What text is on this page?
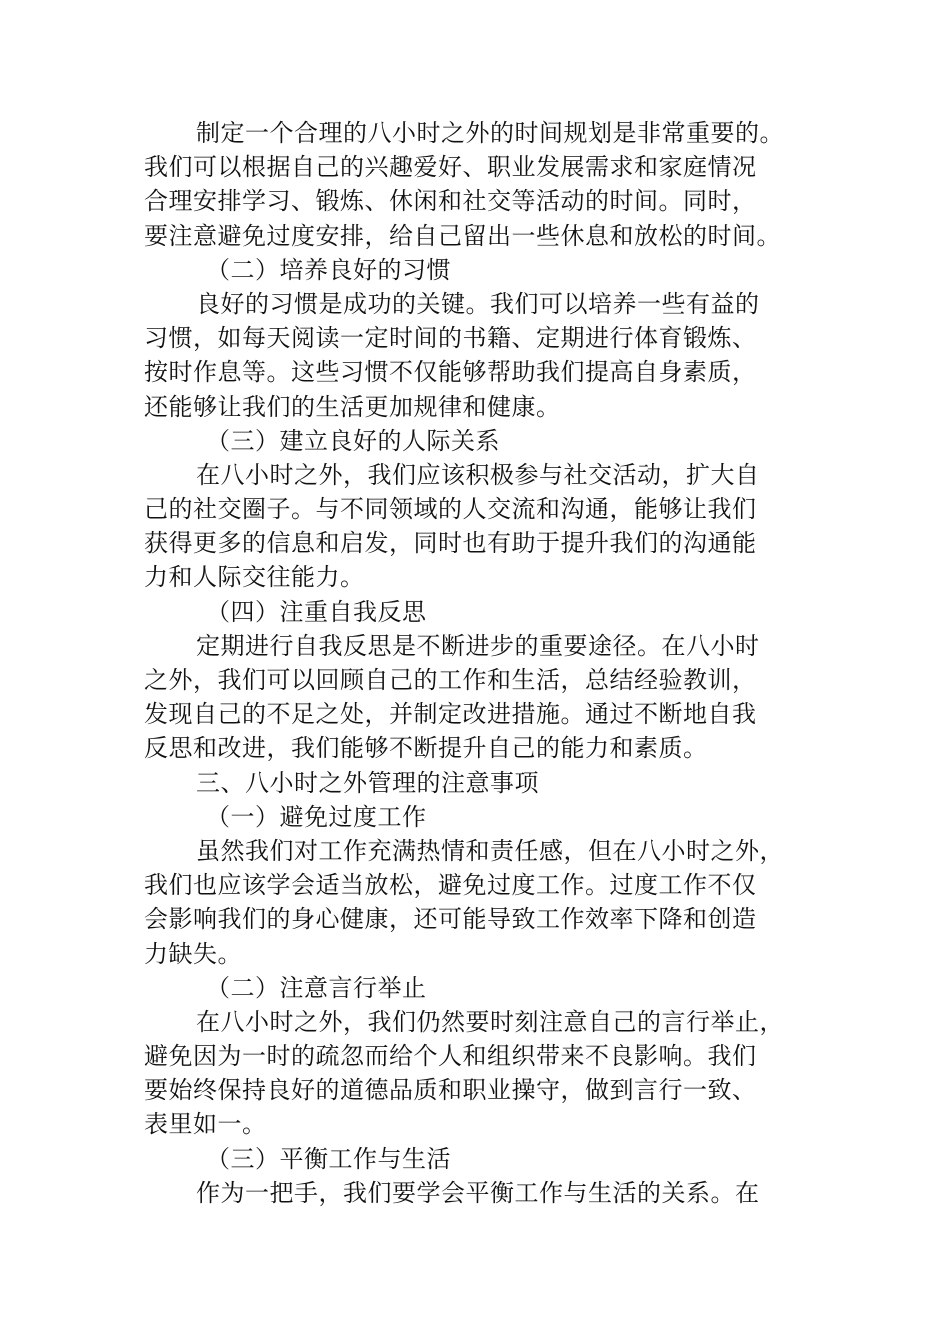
制定一个合理的八小时之外的时间规划是非常重要的。
我们可以根据自己的兴趣爱好、职业发展需求和家庭情况
合理安排学习、锻炼、休闲和社交等活动的时间。同时，
要注意避免过度安排，给自己留出一些休息和放松的时间。
（二）培养良好的习惯
良好的习惯是成功的关键。我们可以培养一些有益的
习惯，如每天阅读一定时间的书籍、定期进行体育锻炼、
按时作息等。这些习惯不仅能够帮助我们提高自身素质，
还能够让我们的生活更加规律和健康。
（三）建立良好的人际关系
在八小时之外，我们应该积极参与社交活动，扩大自
己的社交圈子。与不同领域的人交流和沟通，能够让我们
获得更多的信息和启发，同时也有助于提升我们的沟通能
力和人际交往能力。
（四）注重自我反思
定期进行自我反思是不断进步的重要途径。在八小时
之外，我们可以回顾自己的工作和生活，总结经验教训，
发现自己的不足之处，并制定改进措施。通过不断地自我
反思和改进，我们能够不断提升自己的能力和素质。
三、八小时之外管理的注意事项
（一）避免过度工作
虽然我们对工作充满热情和责任感，但在八小时之外，
我们也应该学会适当放松，避免过度工作。过度工作不仅
会影响我们的身心健康，还可能导致工作效率下降和创造
力缺失。
（二）注意言行举止
在八小时之外，我们仍然要时刻注意自己的言行举止，
避免因为一时的疏忽而给个人和组织带来不良影响。我们
要始终保持良好的道德品质和职业操守，做到言行一致、
表里如一。
（三）平衡工作与生活
作为一把手，我们要学会平衡工作与生活的关系。在
